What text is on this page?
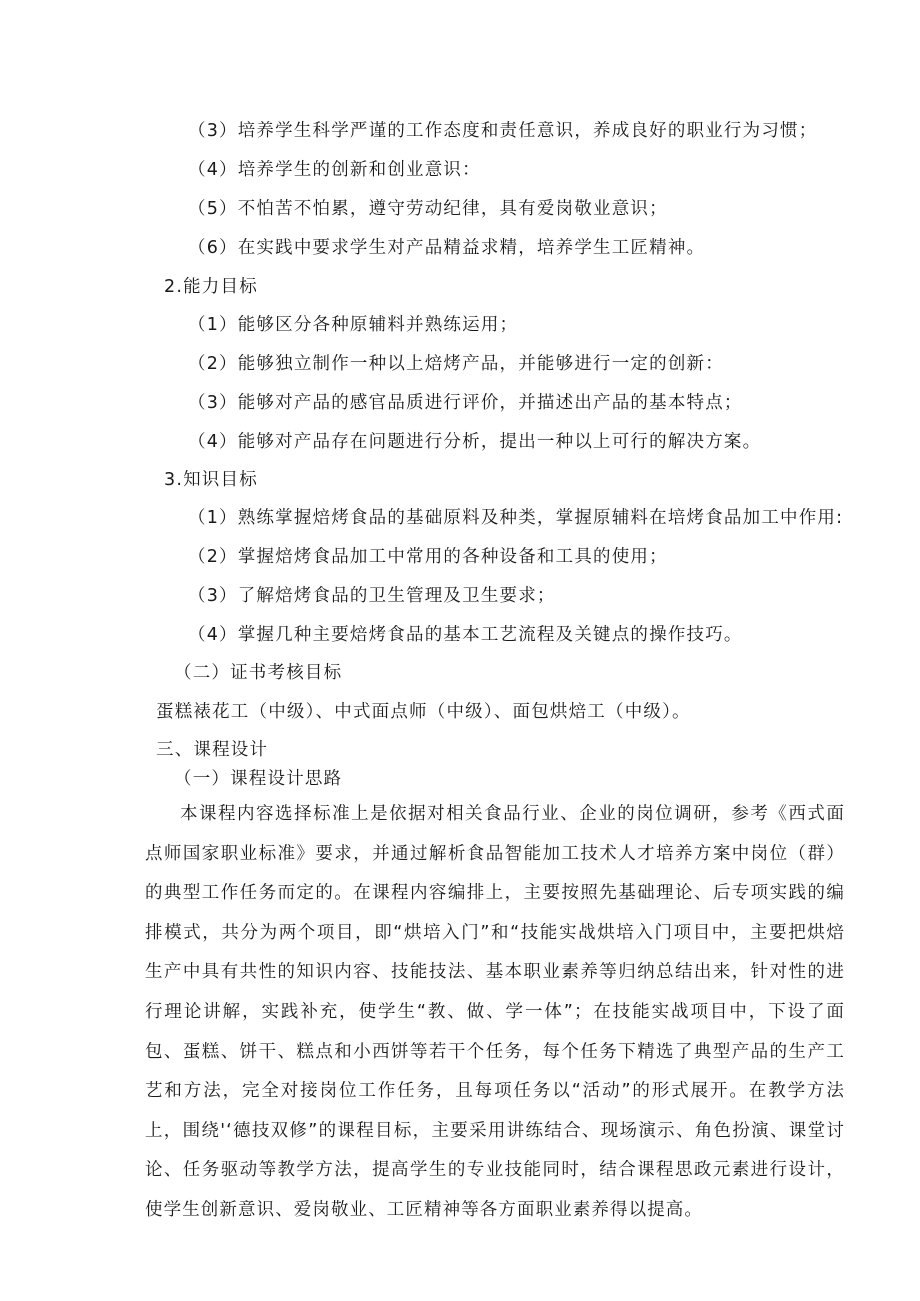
（3）培养学生科学严谨的工作态度和责任意识，养成良好的职业行为习惯；
（4）培养学生的创新和创业意识：
（5）不怕苦不怕累，遵守劳动纪律，具有爱岗敬业意识；
（6）在实践中要求学生对产品精益求精，培养学生工匠精神。
2.能力目标
（1）能够区分各种原辅料并熟练运用；
（2）能够独立制作一种以上焙烤产品，并能够进行一定的创新：
（3）能够对产品的感官品质进行评价，并描述出产品的基本特点；
（4）能够对产品存在问题进行分析，提出一种以上可行的解决方案。
3.知识目标
（1）熟练掌握焙烤食品的基础原料及种类，掌握原辅料在培烤食品加工中作用:
（2）掌握焙烤食品加工中常用的各种设备和工具的使用；
（3）了解焙烤食品的卫生管理及卫生要求；
（4）掌握几种主要焙烤食品的基本工艺流程及关键点的操作技巧。
（二）证书考核目标
蛋糕裱花工（中级）、中式面点师（中级）、面包烘焙工（中级）。
三、课程设计
（一）课程设计思路

本课程内容选择标准上是依据对相关食品行业、企业的岗位调研，参考《西式面点师国家职业标准》要求，并通过解析食品智能加工技术人才培养方案中岗位（群）的典型工作任务而定的。在课程内容编排上，主要按照先基础理论、后专项实践的编排模式，共分为两个项目，即“烘培入门”和“技能实战烘培入门项目中，主要把烘焙生产中具有共性的知识内容、技能技法、基本职业素养等归纳总结出来，针对性的进行理论讲解，实践补充，使学生“教、做、学一体”；在技能实战项目中，下设了面包、蛋糕、饼干、糕点和小西饼等若干个任务，每个任务下精选了典型产品的生产工艺和方法，完全对接岗位工作任务，且每项任务以“活动”的形式展开。在教学方法上，围绕'‘德技双修”的课程目标，主要采用讲练结合、现场演示、角色扮演、课堂讨论、任务驱动等教学方法，提高学生的专业技能同时，结合课程思政元素进行设计，使学生创新意识、爱岗敬业、工匠精神等各方面职业素养得以提高。
